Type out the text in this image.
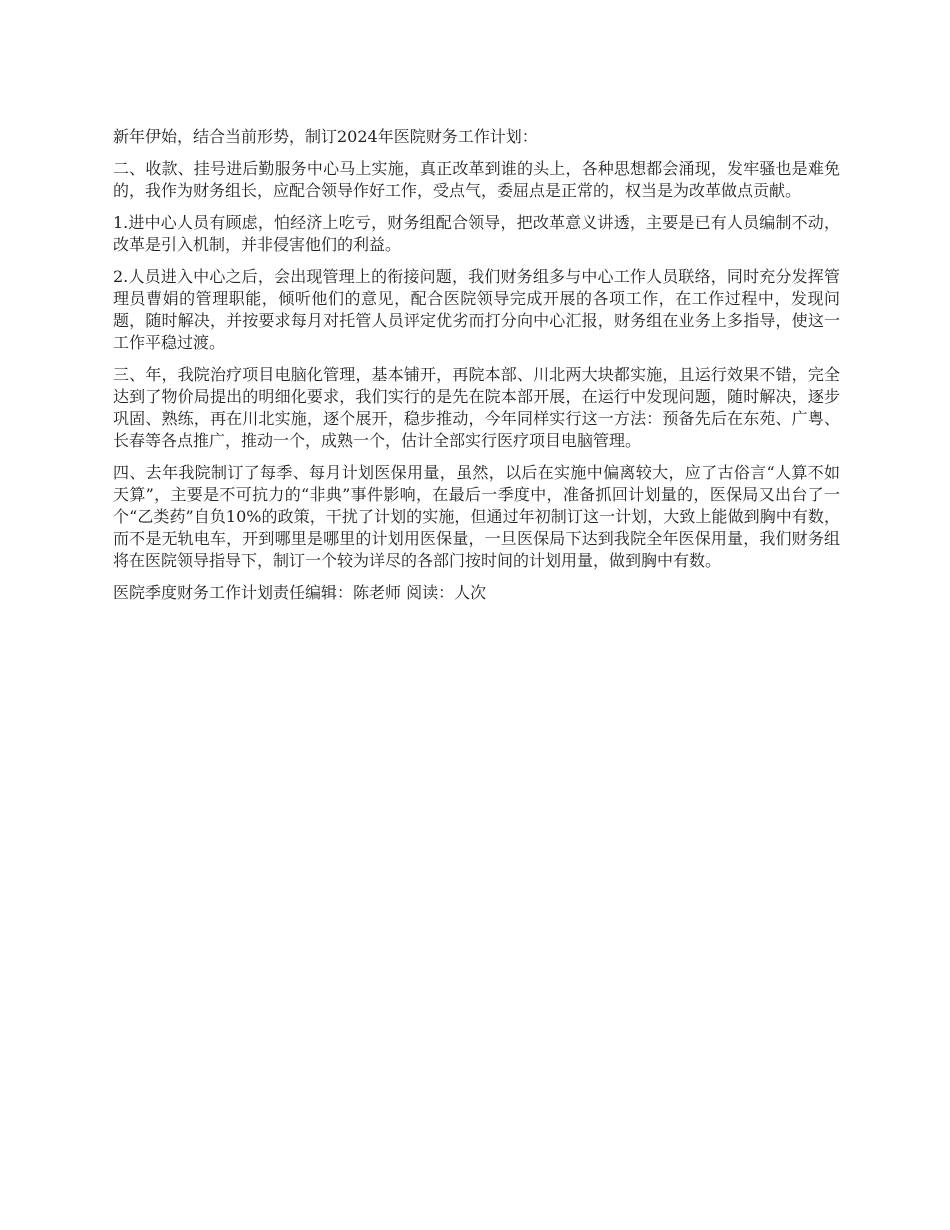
新年伊始，结合当前形势，制订2024年医院财务工作计划：

二、收款、挂号进后勤服务中心马上实施，真正改革到谁的头上，各种思想都会涌现，发牢骚也是难免的，我作为财务组长，应配合领导作好工作，受点气，委屈点是正常的，权当是为改革做点贡献。

1.进中心人员有顾虑，怕经济上吃亏，财务组配合领导，把改革意义讲透，主要是已有人员编制不动，改革是引入机制，并非侵害他们的利益。

2.人员进入中心之后，会出现管理上的衔接问题，我们财务组多与中心工作人员联络，同时充分发挥管理员曹娟的管理职能，倾听他们的意见，配合医院领导完成开展的各项工作，在工作过程中，发现问题，随时解决，并按要求每月对托管人员评定优劣而打分向中心汇报，财务组在业务上多指导，使这一工作平稳过渡。

三、年，我院治疗项目电脑化管理，基本铺开，再院本部、川北两大块都实施，且运行效果不错，完全达到了物价局提出的明细化要求，我们实行的是先在院本部开展，在运行中发现问题，随时解决，逐步巩固、熟练，再在川北实施，逐个展开，稳步推动，今年同样实行这一方法：预备先后在东苑、广粤、长春等各点推广，推动一个，成熟一个，估计全部实行医疗项目电脑管理。

四、去年我院制订了每季、每月计划医保用量，虽然，以后在实施中偏离较大，应了古俗言“人算不如天算”，主要是不可抗力的“非典”事件影响，在最后一季度中，准备抓回计划量的，医保局又出台了一个“乙类药”自负10%的政策，干扰了计划的实施，但通过年初制订这一计划，大致上能做到胸中有数，而不是无轨电车，开到哪里是哪里的计划用医保量，一旦医保局下达到我院全年医保用量，我们财务组将在医院领导指导下，制订一个较为详尽的各部门按时间的计划用量，做到胸中有数。

医院季度财务工作计划责任编辑：陈老师 阅读：人次
